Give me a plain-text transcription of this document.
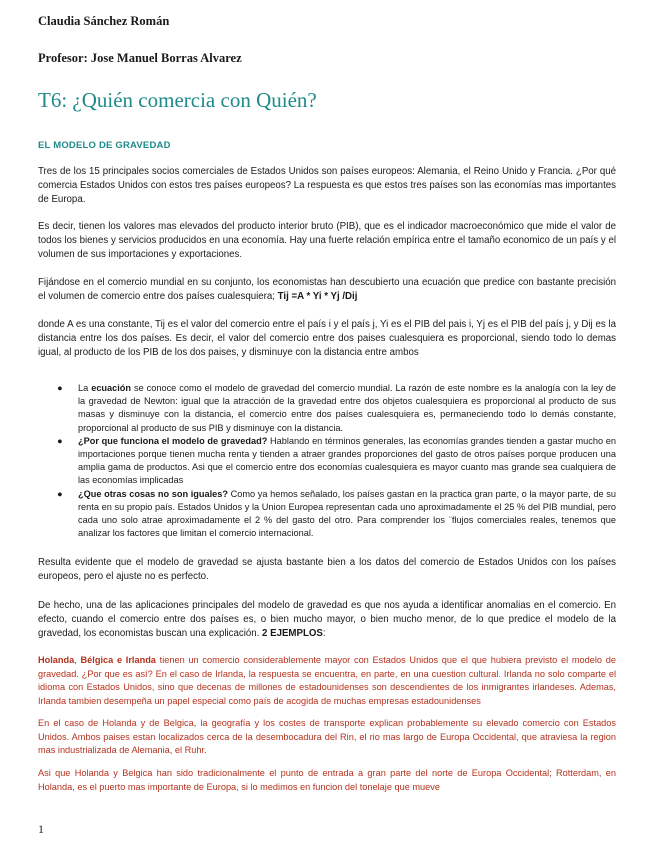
Claudia Sánchez Román
Profesor: Jose Manuel Borras Alvarez
T6: ¿Quién comercia con Quién?
EL MODELO DE GRAVEDAD
Tres de los 15 principales socios comerciales de Estados Unidos son países europeos: Alemania, el Reino Unido y Francia. ¿Por qué comercia Estados Unidos con estos tres países europeos? La respuesta es que estos tres países son las economías mas importantes de Europa.
Es decir, tienen los valores mas elevados del producto interior bruto (PIB), que es el indicador macroeconómico que mide el valor de todos los bienes y servicios producidos en una economía. Hay una fuerte relación empírica entre el tamaño economico de un país y el volumen de sus importaciones y exportaciones.
Fijándose en el comercio mundial en su conjunto, los economistas han descubierto una ecuación que predice con bastante precisión el volumen de comercio entre dos países cualesquiera; Tij =A * Yi * Yj /Dij
donde A es una constante, Tij es el valor del comercio entre el país i y el país j, Yi es el PIB del pais i, Yj es el PIB del país j, y Dij es la distancia entre los dos países. Es decir, el valor del comercio entre dos paises cualesquiera es proporcional, siendo todo lo demas igual, al producto de los PIB de los dos paises, y disminuye con la distancia entre ambos
● La ecuación se conoce como el modelo de gravedad del comercio mundial. La razón de este nombre es la analogía con la ley de la gravedad de Newton: igual que la atracción de la gravedad entre dos objetos cualesquiera es proporcional al producto de sus masas y disminuye con la distancia, el comercio entre dos países cualesquiera es, permaneciendo todo lo demás constante, proporcional al producto de sus PIB y disminuye con la distancia.
● ¿Por que funciona el modelo de gravedad? Hablando en términos generales, las economías grandes tienden a gastar mucho en importaciones porque tienen mucha renta y tienden a atraer grandes proporciones del gasto de otros países porque producen una amplia gama de productos. Asi que el comercio entre dos economías cualesquiera es mayor cuanto mas grande sea cualquiera de las economías implicadas
● ¿Que otras cosas no son iguales? Como ya hemos señalado, los países gastan en la practica gran parte, o la mayor parte, de su renta en su propio país. Estados Unidos y la Union Europea representan cada uno aproximadamente el 25 % del PIB mundial, pero cada uno solo atrae aproximadamente el 2 % del gasto del otro. Para comprender los ¨flujos comerciales reales, tenemos que analizar los factores que limitan el comercio internacional.
Resulta evidente que el modelo de gravedad se ajusta bastante bien a los datos del comercio de Estados Unidos con los países europeos, pero el ajuste no es perfecto.
De hecho, una de las aplicaciones principales del modelo de gravedad es que nos ayuda a identificar anomalias en el comercio. En efecto, cuando el comercio entre dos países es, o bien mucho mayor, o bien mucho menor, de lo que predice el modelo de la gravedad, los economistas buscan una explicación. 2 EJEMPLOS:
Holanda, Bélgica e Irlanda tienen un comercio considerablemente mayor con Estados Unidos que el que hubiera previsto el modelo de gravedad. ¿Por que es así? En el caso de Irlanda, la respuesta se encuentra, en parte, en una cuestion cultural. Irlanda no solo comparte el idioma con Estados Unidos, sino que decenas de millones de estadounidenses son descendientes de los inmigrantes irlandeses. Ademas, Irlanda tambien desempeña un papel especial como país de acogida de muchas empresas estadounidenses
En el caso de Holanda y de Belgica, la geografía y los costes de transporte explican probablemente su elevado comercio con Estados Unidos. Ambos paises estan localizados cerca de la desembocadura del Rin, el rio mas largo de Europa Occidental, que atraviesa la region mas industrializada de Alemania, el Ruhr.
Asi que Holanda y Belgica han sido tradicionalmente el punto de entrada a gran parte del norte de Europa Occidental; Rotterdam, en Holanda, es el puerto mas importante de Europa, si lo medimos en funcion del tonelaje que mueve
1
